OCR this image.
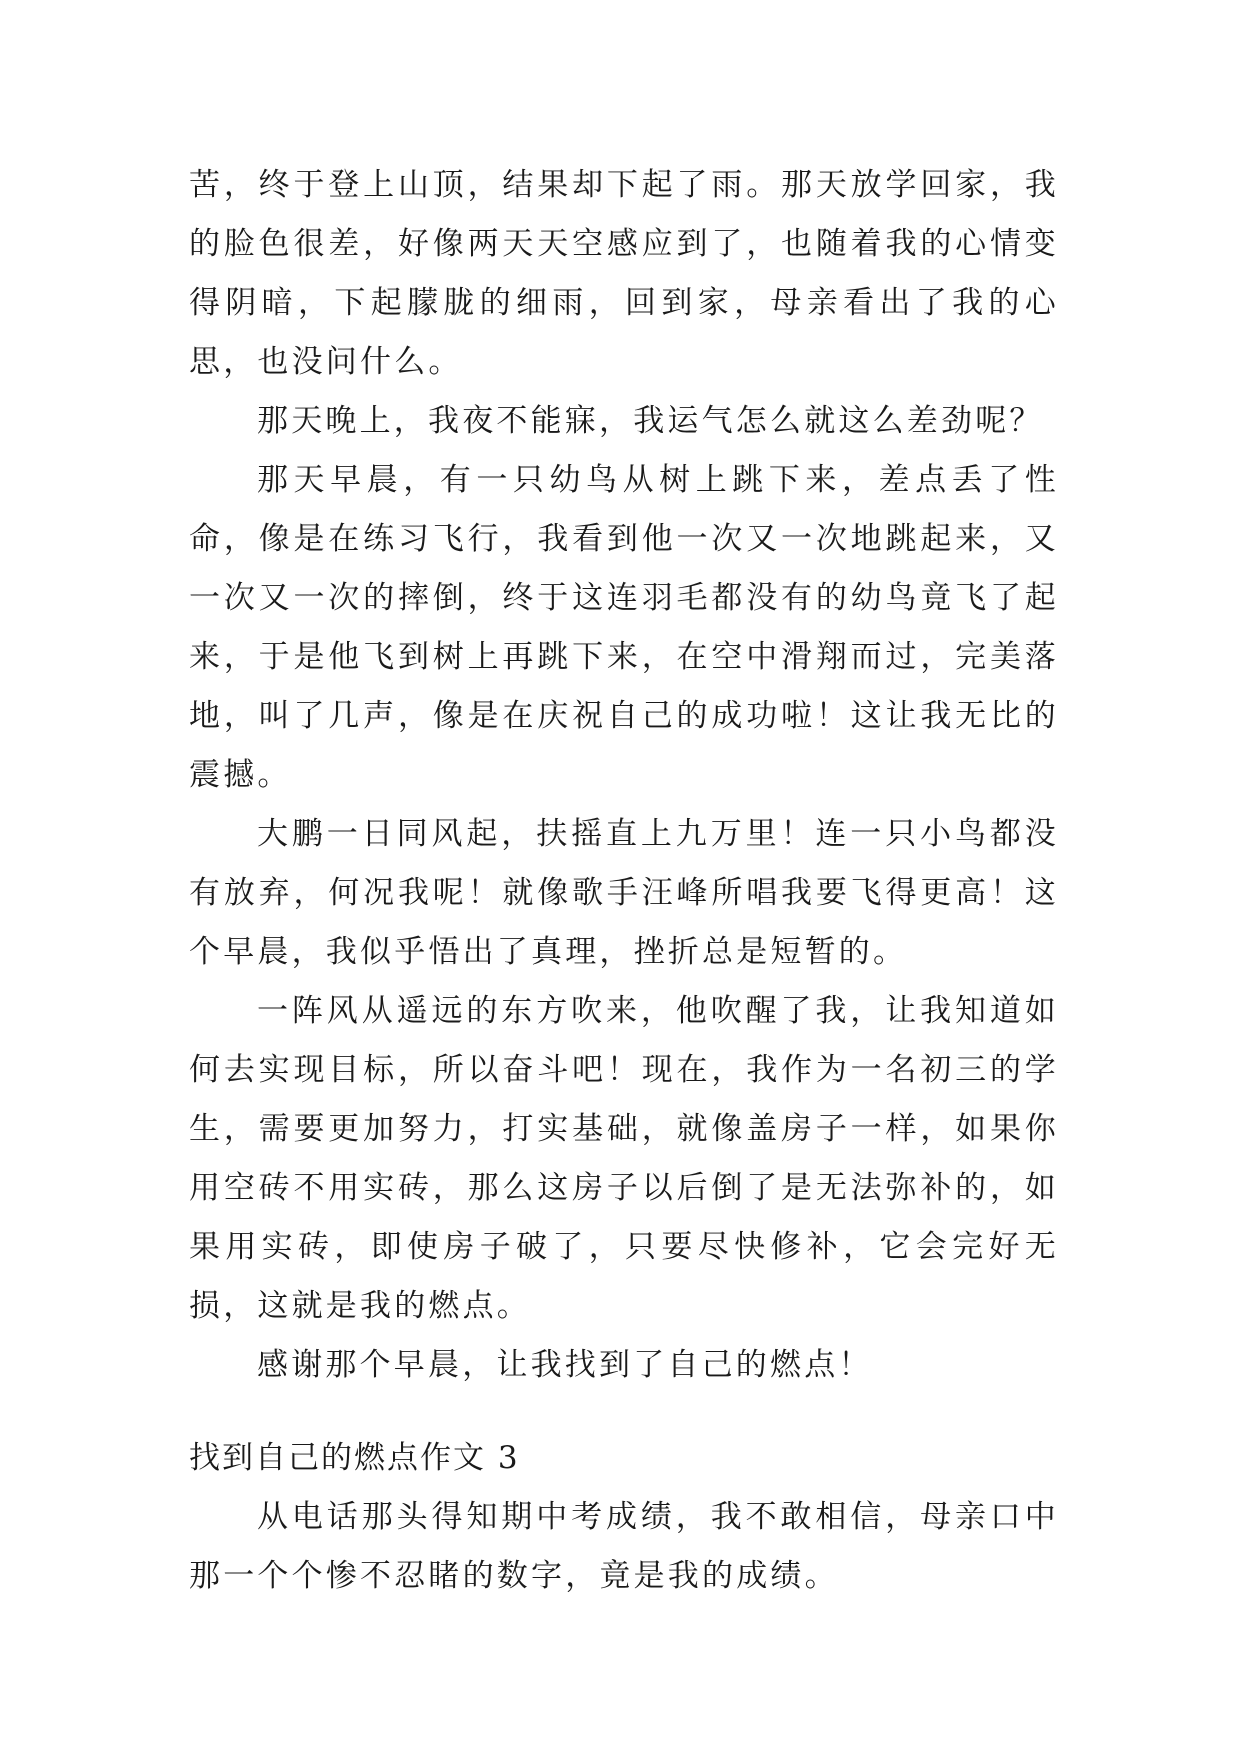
苦，终于登上山顶，结果却下起了雨。那天放学回家，我的脸色很差，好像两天天空感应到了，也随着我的心情变得阴暗，下起朦胧的细雨，回到家，母亲看出了我的心思，也没问什么。

那天晚上，我夜不能寐，我运气怎么就这么差劲呢？

那天早晨，有一只幼鸟从树上跳下来，差点丢了性命，像是在练习飞行，我看到他一次又一次地跳起来，又一次又一次的摔倒，终于这连羽毛都没有的幼鸟竟飞了起来，于是他飞到树上再跳下来，在空中滑翔而过，完美落地，叫了几声，像是在庆祝自己的成功啦！这让我无比的震撼。

大鹏一日同风起，扶摇直上九万里！连一只小鸟都没有放弃，何况我呢！就像歌手汪峰所唱我要飞得更高！这个早晨，我似乎悟出了真理，挫折总是短暂的。

一阵风从遥远的东方吹来，他吹醒了我，让我知道如何去实现目标，所以奋斗吧！现在，我作为一名初三的学生，需要更加努力，打实基础，就像盖房子一样，如果你用空砖不用实砖，那么这房子以后倒了是无法弥补的，如果用实砖，即使房子破了，只要尽快修补，它会完好无损，这就是我的燃点。

感谢那个早晨，让我找到了自己的燃点！

找到自己的燃点作文 3

从电话那头得知期中考成绩，我不敢相信，母亲口中那一个个惨不忍睹的数字，竟是我的成绩。
